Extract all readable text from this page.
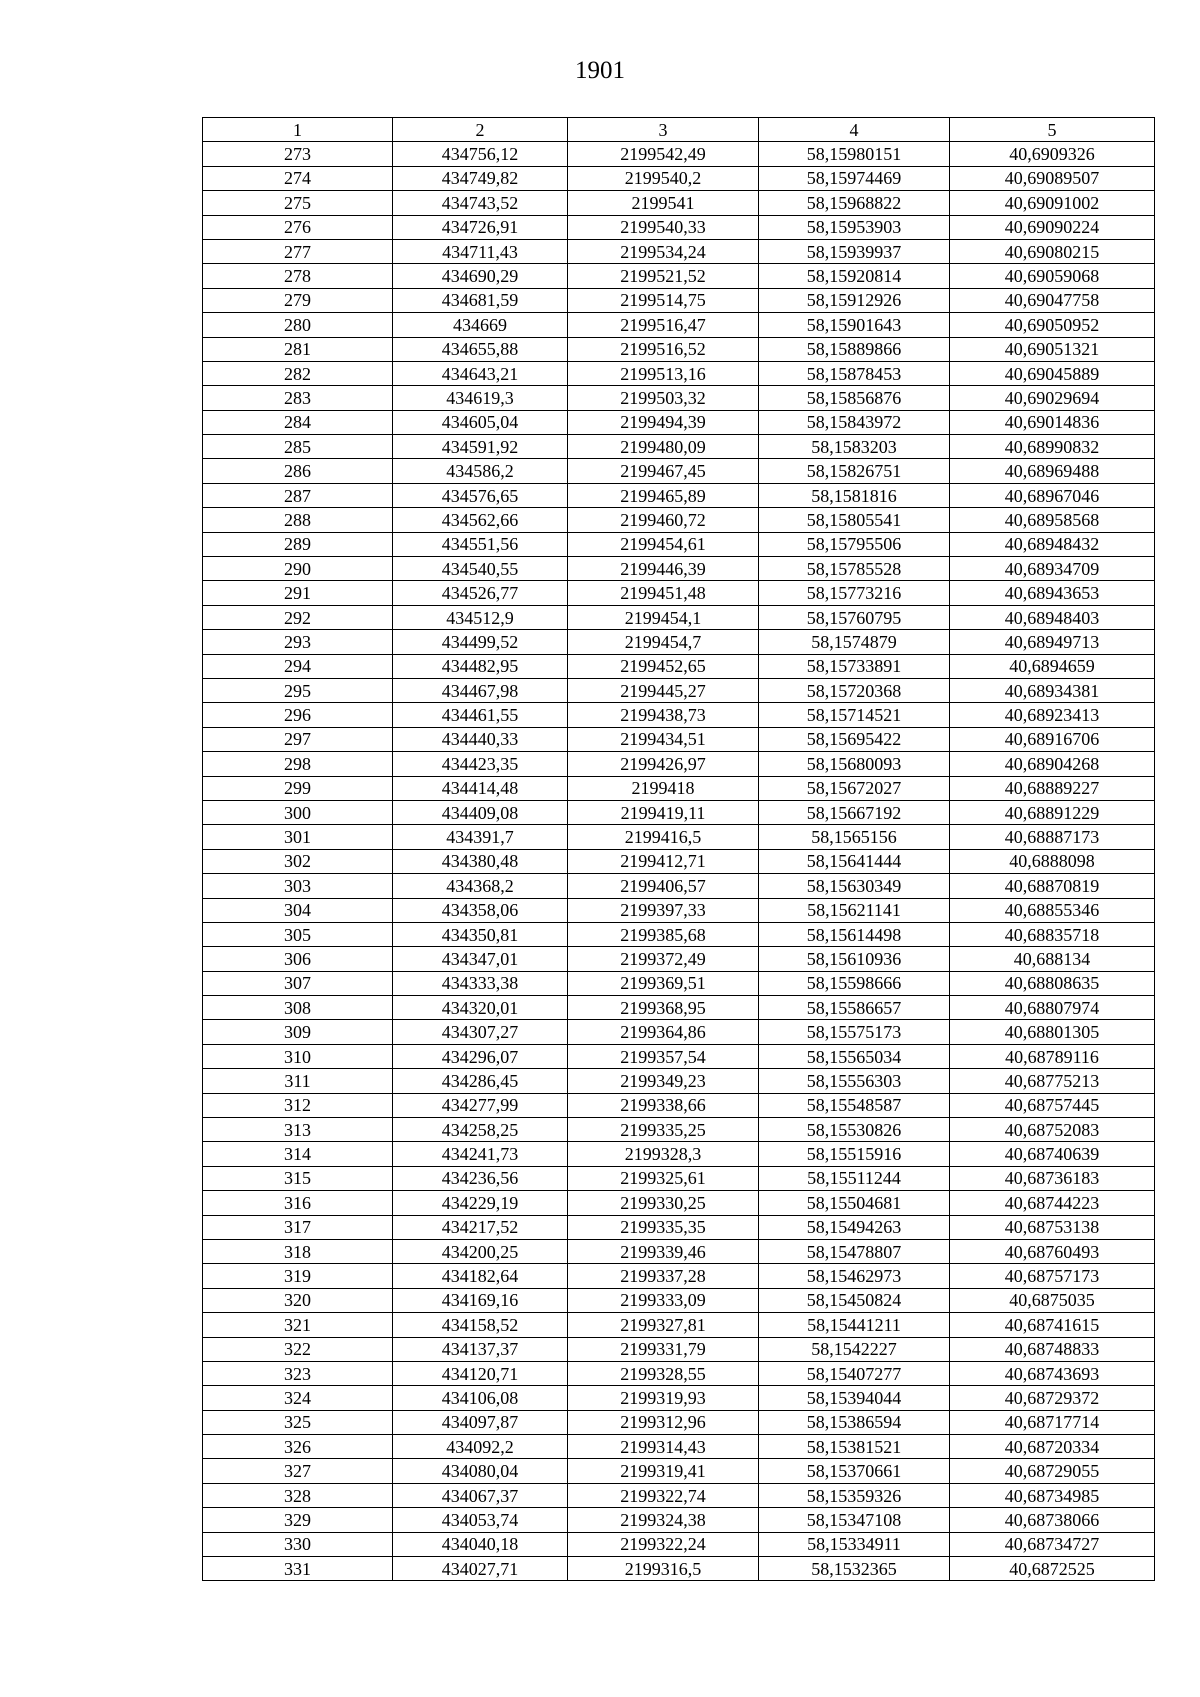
1901
1	2	3	4	5
273	434756,12	2199542,49	58,15980151	40,6909326
274	434749,82	2199540,2	58,15974469	40,69089507
275	434743,52	2199541	58,15968822	40,69091002
276	434726,91	2199540,33	58,15953903	40,69090224
277	434711,43	2199534,24	58,15939937	40,69080215
278	434690,29	2199521,52	58,15920814	40,69059068
279	434681,59	2199514,75	58,15912926	40,69047758
280	434669	2199516,47	58,15901643	40,69050952
281	434655,88	2199516,52	58,15889866	40,69051321
282	434643,21	2199513,16	58,15878453	40,69045889
283	434619,3	2199503,32	58,15856876	40,69029694
284	434605,04	2199494,39	58,15843972	40,69014836
285	434591,92	2199480,09	58,1583203	40,68990832
286	434586,2	2199467,45	58,15826751	40,68969488
287	434576,65	2199465,89	58,1581816	40,68967046
288	434562,66	2199460,72	58,15805541	40,68958568
289	434551,56	2199454,61	58,15795506	40,68948432
290	434540,55	2199446,39	58,15785528	40,68934709
291	434526,77	2199451,48	58,15773216	40,68943653
292	434512,9	2199454,1	58,15760795	40,68948403
293	434499,52	2199454,7	58,1574879	40,68949713
294	434482,95	2199452,65	58,15733891	40,6894659
295	434467,98	2199445,27	58,15720368	40,68934381
296	434461,55	2199438,73	58,15714521	40,68923413
297	434440,33	2199434,51	58,15695422	40,68916706
298	434423,35	2199426,97	58,15680093	40,68904268
299	434414,48	2199418	58,15672027	40,68889227
300	434409,08	2199419,11	58,15667192	40,68891229
301	434391,7	2199416,5	58,1565156	40,68887173
302	434380,48	2199412,71	58,15641444	40,6888098
303	434368,2	2199406,57	58,15630349	40,68870819
304	434358,06	2199397,33	58,15621141	40,68855346
305	434350,81	2199385,68	58,15614498	40,68835718
306	434347,01	2199372,49	58,15610936	40,688134
307	434333,38	2199369,51	58,15598666	40,68808635
308	434320,01	2199368,95	58,15586657	40,68807974
309	434307,27	2199364,86	58,15575173	40,68801305
310	434296,07	2199357,54	58,15565034	40,68789116
311	434286,45	2199349,23	58,15556303	40,68775213
312	434277,99	2199338,66	58,15548587	40,68757445
313	434258,25	2199335,25	58,15530826	40,68752083
314	434241,73	2199328,3	58,15515916	40,68740639
315	434236,56	2199325,61	58,15511244	40,68736183
316	434229,19	2199330,25	58,15504681	40,68744223
317	434217,52	2199335,35	58,15494263	40,68753138
318	434200,25	2199339,46	58,15478807	40,68760493
319	434182,64	2199337,28	58,15462973	40,68757173
320	434169,16	2199333,09	58,15450824	40,6875035
321	434158,52	2199327,81	58,15441211	40,68741615
322	434137,37	2199331,79	58,1542227	40,68748833
323	434120,71	2199328,55	58,15407277	40,68743693
324	434106,08	2199319,93	58,15394044	40,68729372
325	434097,87	2199312,96	58,15386594	40,68717714
326	434092,2	2199314,43	58,15381521	40,68720334
327	434080,04	2199319,41	58,15370661	40,68729055
328	434067,37	2199322,74	58,15359326	40,68734985
329	434053,74	2199324,38	58,15347108	40,68738066
330	434040,18	2199322,24	58,15334911	40,68734727
331	434027,71	2199316,5	58,1532365	40,6872525
